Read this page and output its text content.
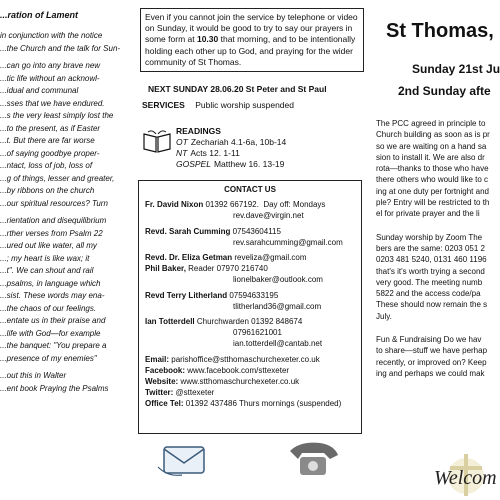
...ration of Lament
in conjunction with the notice
...the Church and the talk for Sun-
...can go into any brave new
...tic life without an acknowl-
...idual and communal
...sses that we have endured.
...s the very least simply lost the
...to the present, as if Easter
...t. But there are far worse
...of saying goodbye proper-
...ntact, loss of job, loss of
...g of things, lesser and greater,
...by ribbons on the church
...our spiritual resources? Turn
...rientation and disequilibrium
...rther verses from Psalm 22
...ured out like water, all my
...; my heart is like wax; it
...t". We can shout and rail
...psalms, in language which
...sist. These words may ena-
...the chaos of our feelings.
...entate us in their praise and
...life with God—for example
...the banquet: "You prepare a
...presence of my enemies"
...out this in Walter
...ent book Praying the Psalms
Even if you cannot join the service by telephone or video on Sunday, it would be good to try to say our prayers in some form at 10.30 that morning, and to be intentionally holding each other up to God, and praying for the wider community of St Thomas.
NEXT SUNDAY 28.06.20 St Peter and St Paul
SERVICES Public worship suspended
READINGS
OT Zechariah 4.1-6a, 10b-14
NT Acts 12. 1-11
GOSPEL Matthew 16. 13-19
CONTACT US
Fr. David Nixon 01392 667192. Day off: Mondays
rev.dave@virgin.net
Revd. Sarah Cumming 07543604115
rev.sarahcumming@gmail.com
Revd. Dr. Eliza Getman reveliza@gmail.com
Phil Baker, Reader 07970 216740
lionelbaker@outlook.com
Revd Terry Litherland 07594633195
tlitherland36@gmail.com
Ian Totterdell Churchwarden 01392 848674
07961621001
ian.totterdell@cantab.net
Email: parishoffice@stthomaschurchexeter.co.uk
Facebook: www.facebook.com/sttexeter
Website: www.stthomaschurchexeter.co.uk
Twitter: @sttexeter
Office Tel: 01392 437486 Thurs mornings (suspended)
St Thomas,
Sunday 21st Ju
2nd Sunday afte
The PCC agreed in principle to
Church building as soon as is pr
so we are waiting on a hand sa
sion to install it. We are also dr
rota—thanks to those who have
there others who would like to c
ing at one duty per fortnight and
ple? Entry will be restricted to th
el for private prayer and the li
Sunday worship by Zoom The
bers are the same: 0203 051 2
0203 481 5240, 0131 460 1196
that's it's worth trying a second
very good. The meeting numb
5822 and the access code/pa
These should now remain the s
July.
Fun & Fundraising Do we hav
to share—stuff we have perhap
recently, or improved on? Keep
ing and perhaps we could mak
Welcom
